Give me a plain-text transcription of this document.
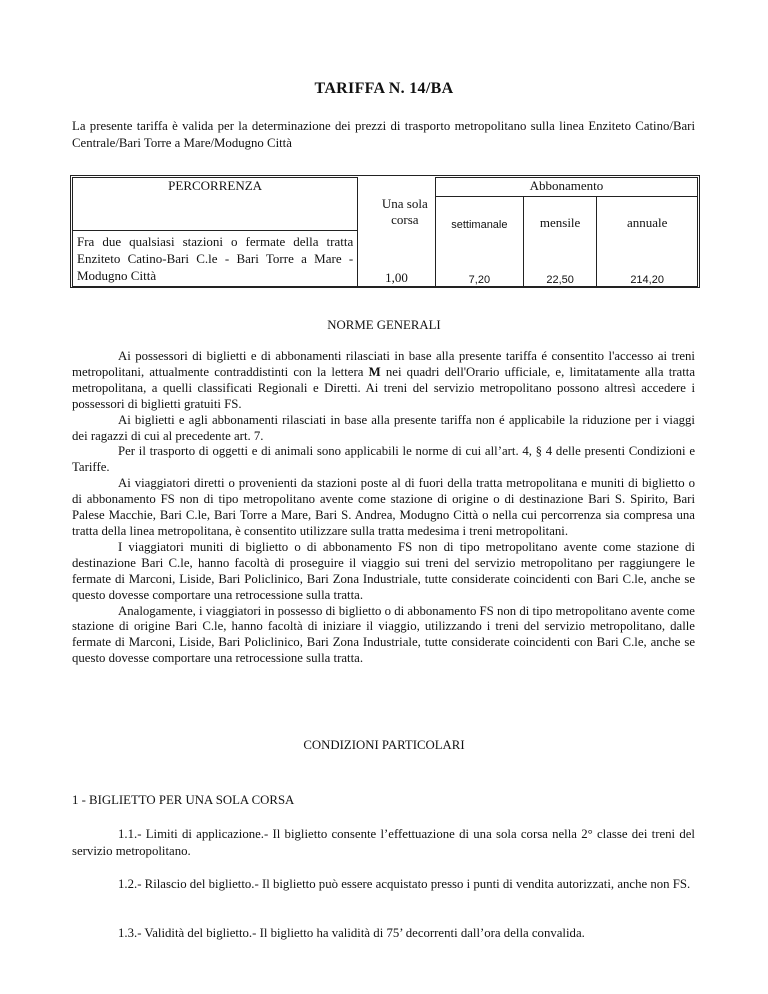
TARIFFA N. 14/BA
La presente tariffa è valida per la determinazione dei prezzi di trasporto metropolitano sulla linea Enziteto Catino/Bari Centrale/Bari Torre a Mare/Modugno Città
PERCORRENZA	Una sola corsa	Abbonamento		
		settimanale	mensile	annuale
Fra due qualsiasi stazioni o fermate della tratta Enziteto Catino-Bari C.le - Bari Torre a Mare - Modugno Città	1,00	7,20	22,50	214,20
NORME GENERALI

Ai possessori di biglietti e di abbonamenti rilasciati in base alla presente tariffa é consentito l'accesso ai treni metropolitani, attualmente contraddistinti con la lettera M nei quadri dell'Orario ufficiale, e, limitatamente alla tratta metropolitana, a quelli classificati Regionali e Diretti. Ai treni del servizio metropolitano possono altresì accedere i possessori di biglietti gratuiti FS.

Ai biglietti e agli abbonamenti rilasciati in base alla presente tariffa non é applicabile la riduzione per i viaggi dei ragazzi di cui al precedente art. 7.

Per il trasporto di oggetti e di animali sono applicabili le norme di cui all’art. 4, § 4 delle presenti Condizioni e Tariffe.

Ai viaggiatori diretti o provenienti da stazioni poste al di fuori della tratta metropolitana e muniti di biglietto o di abbonamento FS non di tipo metropolitano avente come stazione di origine o di destinazione Bari S. Spirito, Bari Palese Macchie, Bari C.le, Bari Torre a Mare, Bari S. Andrea, Modugno Città o nella cui percorrenza sia compresa una tratta della linea metropolitana, è consentito utilizzare sulla tratta medesima i treni metropolitani.

I viaggiatori muniti di biglietto o di abbonamento FS non di tipo metropolitano avente come stazione di destinazione Bari C.le, hanno facoltà di proseguire il viaggio sui treni del servizio metropolitano per raggiungere le fermate di Marconi, Liside, Bari Policlinico, Bari Zona Industriale, tutte considerate coincidenti con Bari C.le, anche se questo dovesse comportare una retrocessione sulla tratta.

Analogamente, i viaggiatori in possesso di biglietto o di abbonamento FS non di tipo metropolitano avente come stazione di origine Bari C.le, hanno facoltà di iniziare il viaggio, utilizzando i treni del servizio metropolitano, dalle fermate di Marconi, Liside, Bari Policlinico, Bari Zona Industriale, tutte considerate coincidenti con Bari C.le, anche se questo dovesse comportare una retrocessione sulla tratta.

CONDIZIONI PARTICOLARI
1 - BIGLIETTO PER UNA SOLA CORSA
1.1.- Limiti di applicazione.- Il biglietto consente l’effettuazione di una sola corsa nella 2° classe dei treni del servizio metropolitano.
1.2.- Rilascio del biglietto.- Il biglietto può essere acquistato presso i punti di vendita autorizzati, anche non FS.
1.3.- Validità del biglietto.- Il biglietto ha validità di 75’ decorrenti dall’ora della convalida.
